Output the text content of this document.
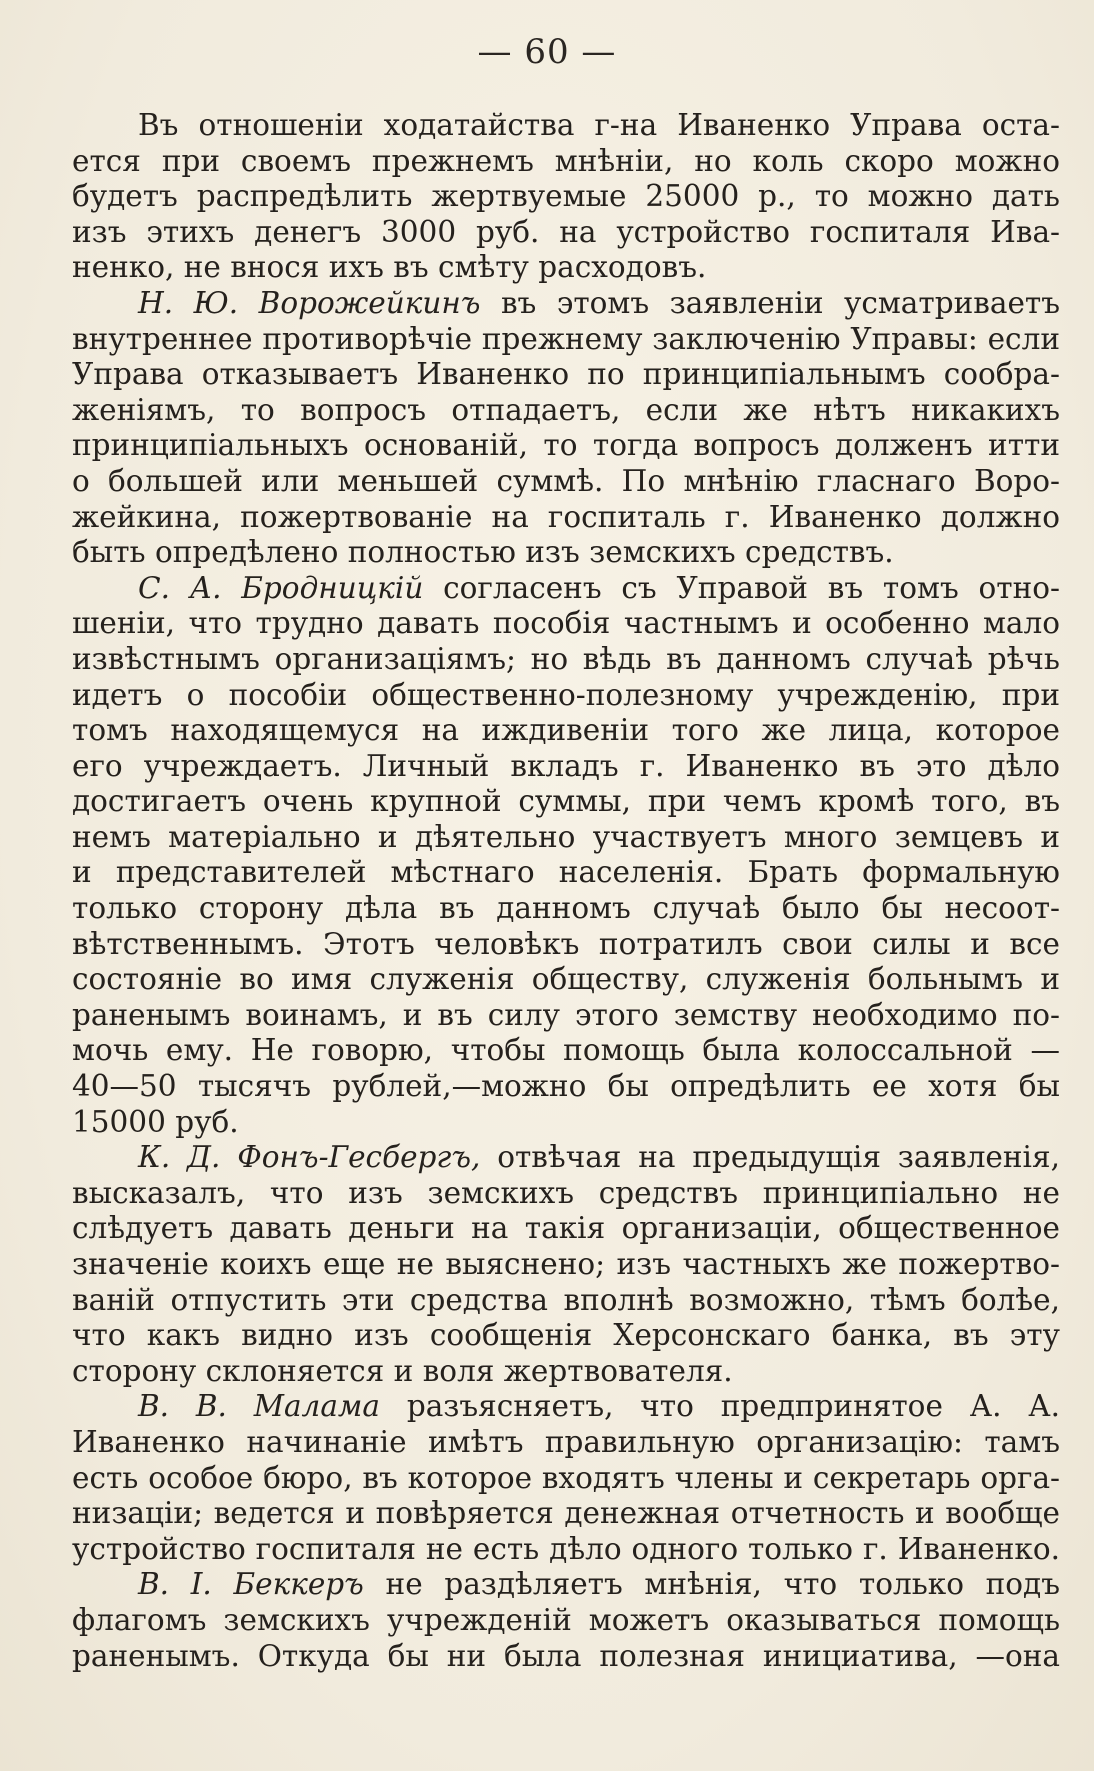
— 60 —
Въ отношенiи ходатайства г-на Иваненко Управа оста-
ется при своемъ прежнемъ мнѣнiи, но коль скоро можно
будетъ распредѣлить жертвуемые 25000 р., то можно дать
изъ этихъ денегъ 3000 руб. на устройство госпиталя Ива-
ненко, не внося ихъ въ смѣту расходовъ.
Н. Ю. Ворожейкинъ въ этомъ заявленiи усматриваетъ
внутреннее противорѣчiе прежнему заключенiю Управы: если
Управа отказываетъ Иваненко по принципiальнымъ сообра-
женiямъ, то вопросъ отпадаетъ, если же нѣтъ никакихъ
принципiальныхъ основанiй, то тогда вопросъ долженъ итти
о большей или меньшей суммѣ. По мнѣнiю гласнаго Воро-
жейкина, пожертвованiе на госпиталь г. Иваненко должно
быть опредѣлено полностью изъ земскихъ средствъ.
С. А. Бродницкiй согласенъ съ Управой въ томъ отно-
шенiи, что трудно давать пособiя частнымъ и особенно мало
извѣстнымъ организацiямъ; но вѣдь въ данномъ случаѣ рѣчь
идетъ о пособiи общественно-полезному учрежденiю, при
томъ находящемуся на иждивенiи того же лица, которое
его учреждаетъ. Личный вкладъ г. Иваненко въ это дѣло
достигаетъ очень крупной суммы, при чемъ кромѣ того, въ
немъ матерiально и дѣятельно участвуетъ много земцевъ и
и представителей мѣстнаго населенiя. Брать формальную
только сторону дѣла въ данномъ случаѣ было бы несоот-
вѣтственнымъ. Этотъ человѣкъ потратилъ свои силы и все
состоянiе во имя служенiя обществу, служенiя больнымъ и
раненымъ воинамъ, и въ силу этого земству необходимо по-
мочь ему. Не говорю, чтобы помощь была колоссальной —
40—50 тысячъ рублей,—можно бы опредѣлить ее хотя бы
15000 руб.
К. Д. Фонъ-Гесбергъ, отвѣчая на предыдущiя заявленiя,
высказалъ, что изъ земскихъ средствъ принципiально не
слѣдуетъ давать деньги на такiя организацiи, общественное
значенiе коихъ еще не выяснено; изъ частныхъ же пожертво-
ванiй отпустить эти средства вполнѣ возможно, тѣмъ болѣе,
что какъ видно изъ сообщенiя Херсонскаго банка, въ эту
сторону склоняется и воля жертвователя.
В. В. Малама разъясняетъ, что предпринятое А. А.
Иваненко начинанiе имѣтъ правильную организацiю: тамъ
есть особое бюро, въ которое входятъ члены и секретарь орга-
низацiи; ведется и повѣряется денежная отчетность и вообще
устройство госпиталя не есть дѣло одного только г. Иваненко.
В. I. Беккеръ не раздѣляетъ мнѣнiя, что только подъ
флагомъ земскихъ учрежденiй можетъ оказываться помощь
раненымъ. Откуда бы ни была полезная инициатива, —она
